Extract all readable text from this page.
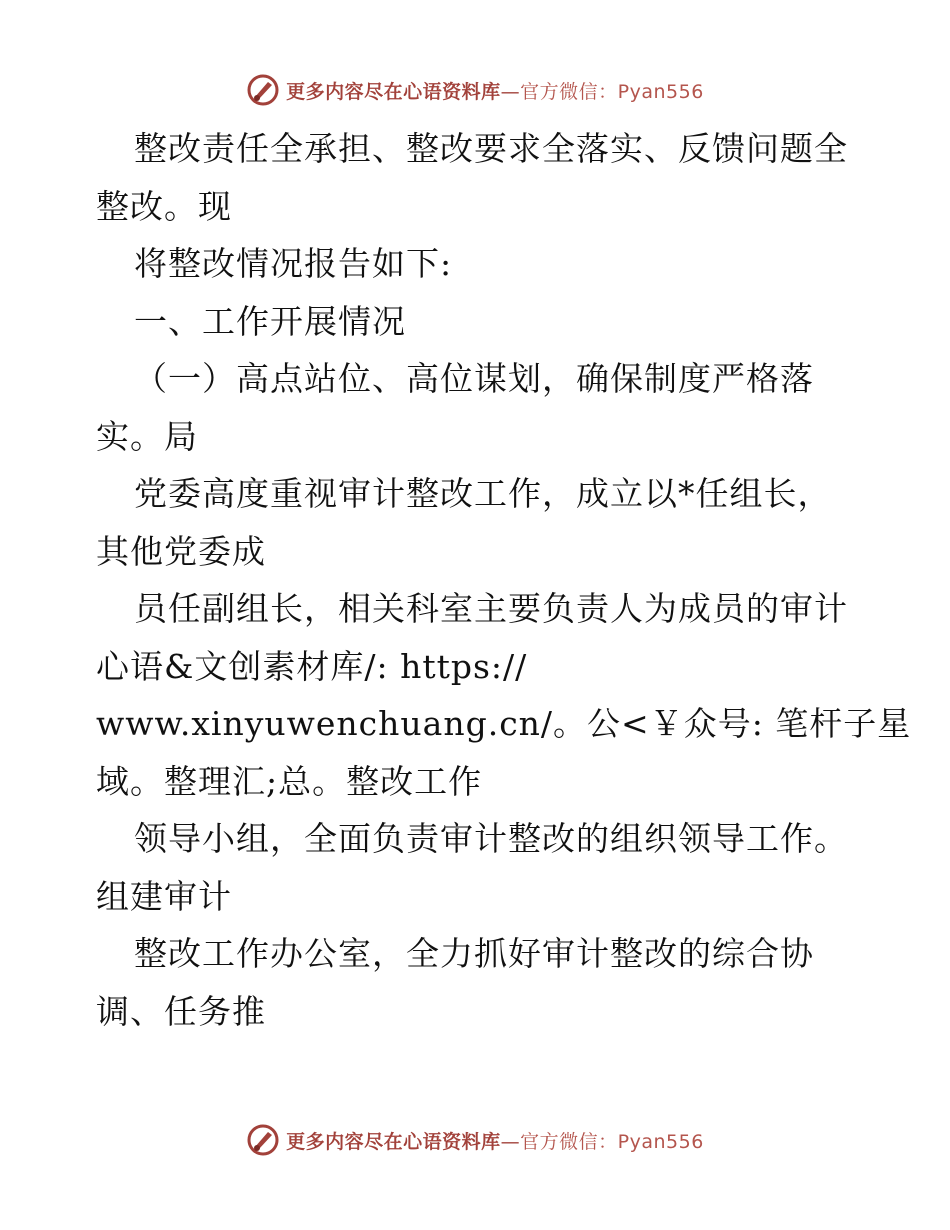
更多内容尽在心语资料库—官方微信：Pyan556
整改责任全承担、整改要求全落实、反馈问题全
整改。现
将整改情况报告如下:
一、工作开展情况
（一）高点站位、高位谋划，确保制度严格落
实。局
党委高度重视审计整改工作，成立以*任组长，
其他党委成
员任副组长，相关科室主要负责人为成员的审计
心语&文创素材库/: https://
www.xinyuwenchuang.cn/。公<￥众号: 笔杆子星
域。整理汇;总。整改工作
领导小组，全面负责审计整改的组织领导工作。
组建审计
整改工作办公室，全力抓好审计整改的综合协
调、任务推
更多内容尽在心语资料库—官方微信：Pyan556
